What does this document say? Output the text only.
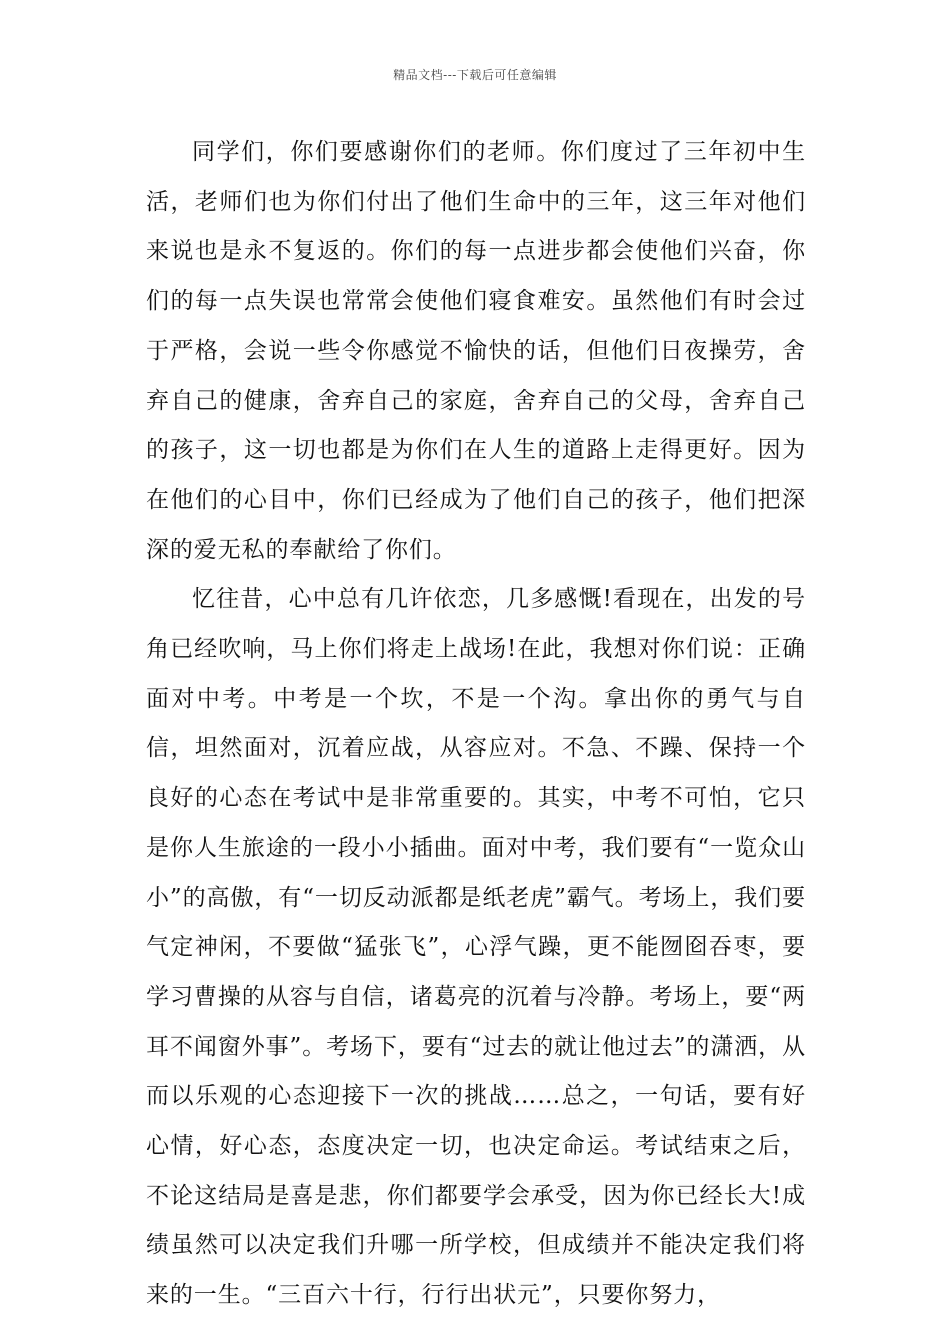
精品文档---下载后可任意编辑

同学们，你们要感谢你们的老师。你们度过了三年初中生活，老师们也为你们付出了他们生命中的三年，这三年对他们来说也是永不复返的。你们的每一点进步都会使他们兴奋，你们的每一点失误也常常会使他们寝食难安。虽然他们有时会过于严格，会说一些令你感觉不愉快的话，但他们日夜操劳，舍弃自己的健康，舍弃自己的家庭，舍弃自己的父母，舍弃自己的孩子，这一切也都是为你们在人生的道路上走得更好。因为在他们的心目中，你们已经成为了他们自己的孩子，他们把深深的爱无私的奉献给了你们。

忆往昔，心中总有几许依恋，几多感慨!看现在，出发的号角已经吹响，马上你们将走上战场!在此，我想对你们说：正确面对中考。中考是一个坎，不是一个沟。拿出你的勇气与自信，坦然面对，沉着应战，从容应对。不急、不躁、保持一个良好的心态在考试中是非常重要的。其实，中考不可怕，它只是你人生旅途的一段小小插曲。面对中考，我们要有“一览众山小”的高傲，有“一切反动派都是纸老虎”霸气。考场上，我们要气定神闲，不要做“猛张飞”，心浮气躁，更不能囫囵吞枣，要学习曹操的从容与自信，诸葛亮的沉着与冷静。考场上，要“两耳不闻窗外事”。考场下，要有“过去的就让他过去”的潇洒，从而以乐观的心态迎接下一次的挑战……总之，一句话，要有好心情，好心态，态度决定一切，也决定命运。考试结束之后，不论这结局是喜是悲，你们都要学会承受，因为你已经长大!成绩虽然可以决定我们升哪一所学校，但成绩并不能决定我们将来的一生。“三百六十行，行行出状元”，只要你努力，
